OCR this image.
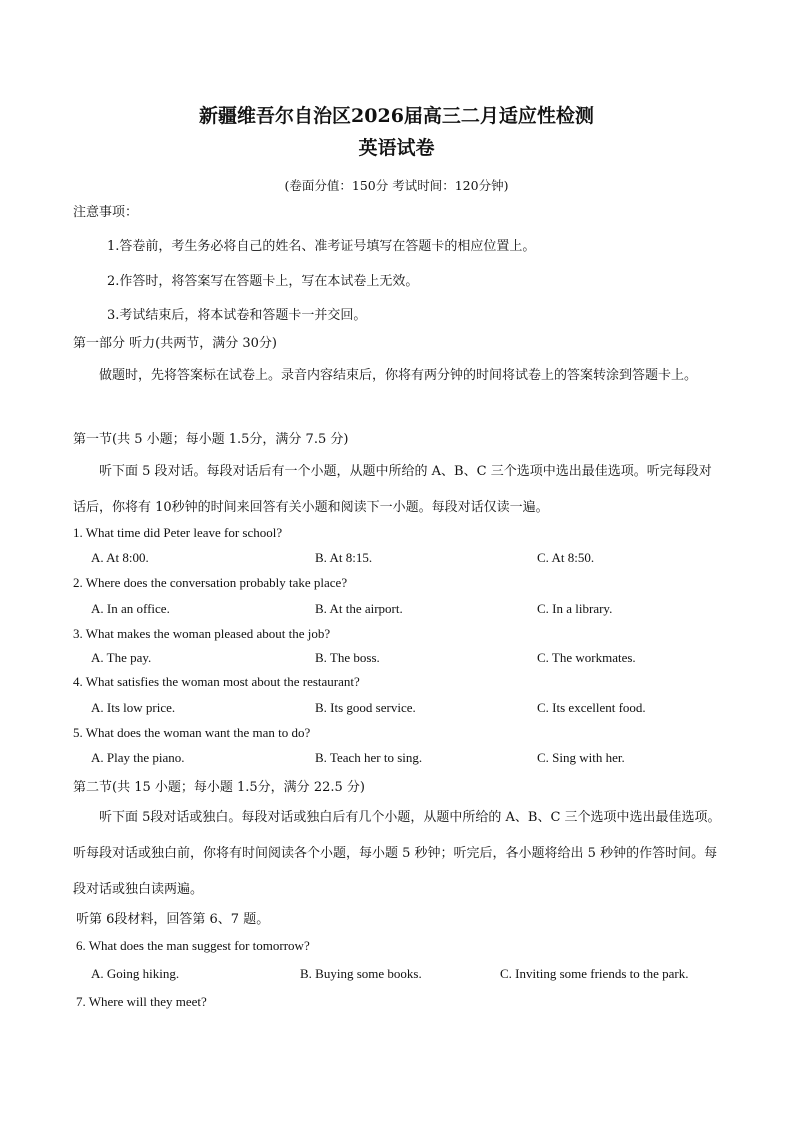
新疆维吾尔自治区2026届高三二月适应性检测
英语试卷
(卷面分值：150分 考试时间：120分钟)
注意事项：
1.答卷前，考生务必将自己的姓名、准考证号填写在答题卡的相应位置上。
2.作答时，将答案写在答题卡上，写在本试卷上无效。
3.考试结束后，将本试卷和答题卡一并交回。
第一部分 听力(共两节，满分 30分)
做题时，先将答案标在试卷上。录音内容结束后，你将有两分钟的时间将试卷上的答案转涂到答题卡上。
第一节(共 5 小题；每小题 1.5分，满分 7.5 分)
听下面 5 段对话。每段对话后有一个小题，从题中所给的 A、B、C 三个选项中选出最佳选项。听完每段对话后，你将有 10秒钟的时间来回答有关小题和阅读下一小题。每段对话仅读一遍。
1. What time did Peter leave for school?
A. At 8:00.	B. At 8:15.	C. At 8:50.
2. Where does the conversation probably take place?
A. In an office.	B. At the airport.	C. In a library.
3. What makes the woman pleased about the job?
A. The pay.	B. The boss.	C. The workmates.
4. What satisfies the woman most about the restaurant?
A. Its low price.	B. Its good service.	C. Its excellent food.
5. What does the woman want the man to do?
A. Play the piano.	B. Teach her to sing.	C. Sing with her.
第二节(共 15 小题；每小题 1.5分，满分 22.5 分)
听下面 5段对话或独白。每段对话或独白后有几个小题，从题中所给的 A、B、C 三个选项中选出最佳选项。听每段对话或独白前，你将有时间阅读各个小题，每小题 5 秒钟；听完后，各小题将给出 5 秒钟的作答时间。每段对话或独白读两遍。
听第 6段材料，回答第 6、7 题。
6. What does the man suggest for tomorrow?
A. Going hiking.	B. Buying some books.	C. Inviting some friends to the park.
7. Where will they meet?
